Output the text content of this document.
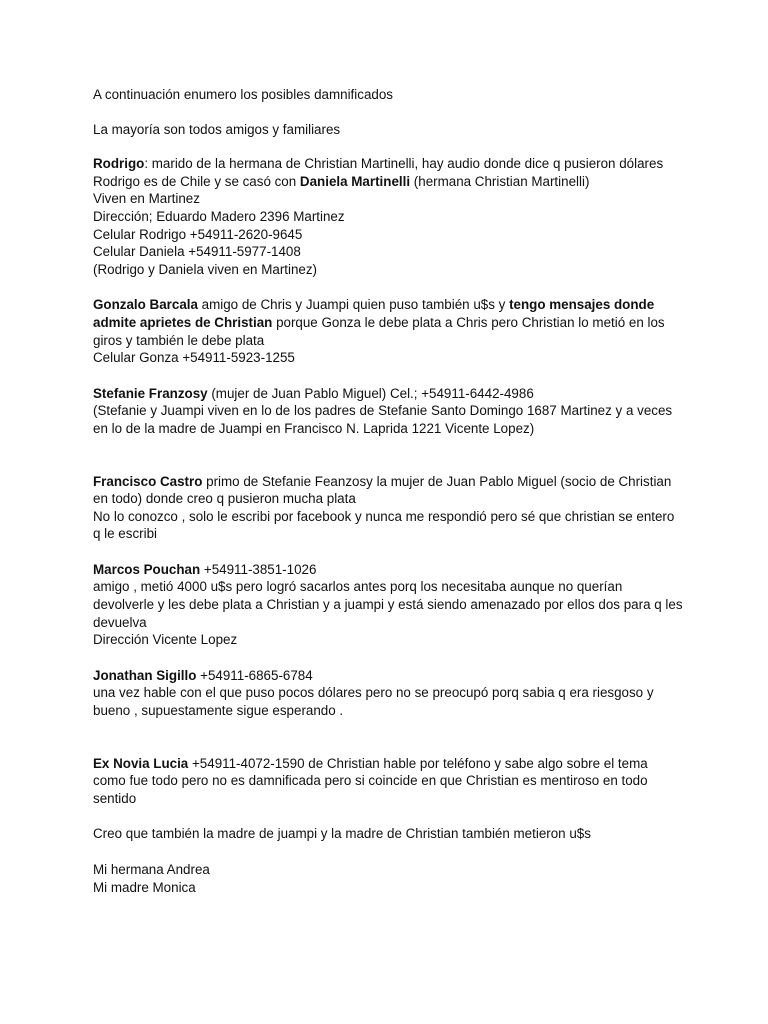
A continuación enumero los posibles damnificados

La mayoría son todos amigos y familiares

Rodrigo: marido de la hermana de Christian Martinelli, hay audio donde dice q pusieron dólares

Rodrigo es de Chile y se casó con Daniela Martinelli (hermana Christian Martinelli)

Viven en Martinez

Dirección; Eduardo Madero 2396 Martinez

Celular Rodrigo +54911-2620-9645

Celular Daniela +54911-5977-1408

(Rodrigo y Daniela viven en Martinez)

Gonzalo Barcala amigo de Chris y Juampi quien puso también u$s y tengo mensajes donde admite aprietes de Christian porque Gonza le debe plata a Chris pero Christian lo metió en los giros y también le debe plata

Celular Gonza +54911-5923-1255

Stefanie Franzosy (mujer de Juan Pablo Miguel) Cel.; +54911-6442-4986

(Stefanie y Juampi viven en lo de los padres de Stefanie Santo Domingo 1687 Martinez y a veces en lo de la madre de Juampi en Francisco N. Laprida 1221 Vicente Lopez)

Francisco Castro primo de Stefanie Feanzosy la mujer de Juan Pablo Miguel (socio de Christian en todo) donde creo q pusieron mucha plata

No lo conozco , solo le escribi por facebook y nunca me respondió pero sé que christian se entero q le escribi

Marcos Pouchan +54911-3851-1026

amigo , metió 4000 u$s pero logró sacarlos antes porq los necesitaba aunque no querían devolverle y les debe plata a Christian y a juampi y está siendo amenazado por ellos dos para q les devuelva

Dirección Vicente Lopez

Jonathan Sigillo +54911-6865-6784

una vez hable con el que puso pocos dólares pero no se preocupó porq sabia q era riesgoso y bueno , supuestamente sigue esperando .

Ex Novia Lucia +54911-4072-1590 de Christian hable por teléfono y sabe algo sobre el tema como fue todo pero no es damnificada pero si coincide en que Christian es mentiroso en todo sentido

Creo que también la madre de juampi y la madre de Christian también metieron u$s

Mi hermana Andrea

Mi madre Monica
